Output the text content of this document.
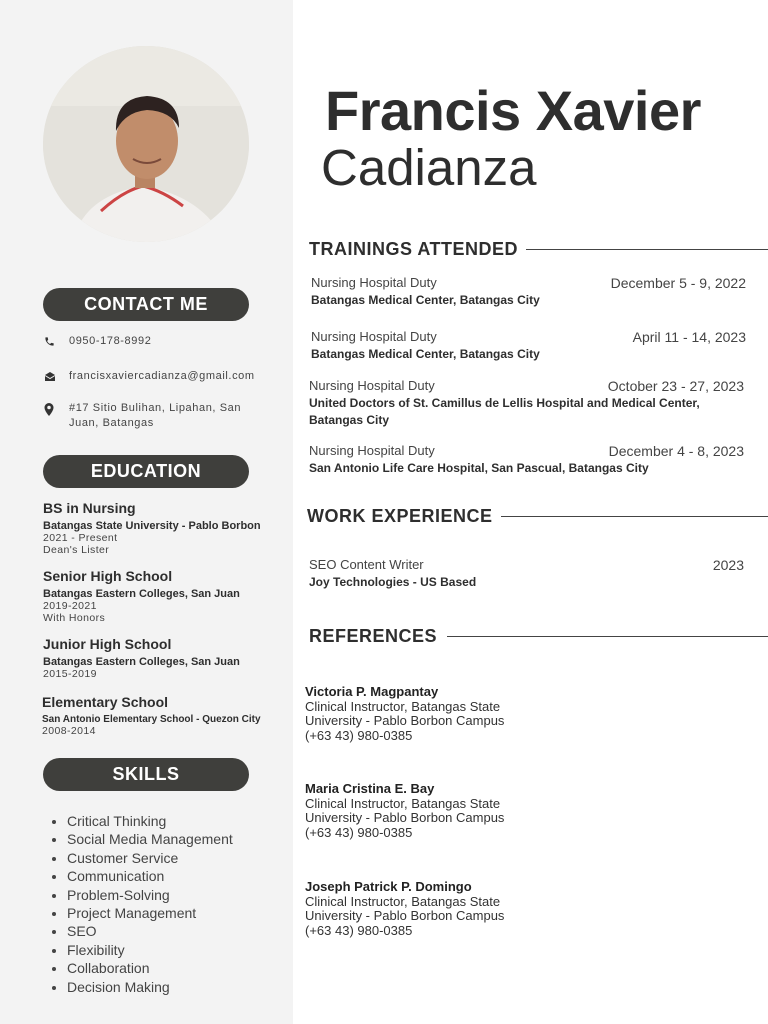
CONTACT ME
0950-178-8992
francisxaviercadianza@gmail.com
#17 Sitio Bulihan, Lipahan, San Juan, Batangas
EDUCATION
BS in Nursing
Batangas State University - Pablo Borbon
2021 - Present
Dean's Lister
Senior High School
Batangas Eastern Colleges, San Juan
2019-2021
With Honors
Junior High School
Batangas Eastern Colleges, San Juan
2015-2019
Elementary School
San Antonio Elementary School - Quezon City
2008-2014
SKILLS
• Critical Thinking
• Social Media Management
• Customer Service
• Communication
• Problem-Solving
• Project Management
• SEO
• Flexibility
• Collaboration
• Decision Making
Francis Xavier
Cadianza
TRAININGS ATTENDED
Nursing Hospital Duty	December 5 - 9, 2022
Batangas Medical Center, Batangas City
Nursing Hospital Duty	April 11 - 14, 2023
Batangas Medical Center, Batangas City
Nursing Hospital Duty	October 23 - 27, 2023
United Doctors of St. Camillus de Lellis Hospital and Medical Center, Batangas City
Nursing Hospital Duty	December 4 - 8, 2023
San Antonio Life Care Hospital, San Pascual, Batangas City
WORK EXPERIENCE
SEO Content Writer	2023
Joy Technologies - US Based
REFERENCES
Victoria P. Magpantay
Clinical Instructor, Batangas State University - Pablo Borbon Campus
(+63 43) 980-0385
Maria Cristina E. Bay
Clinical Instructor, Batangas State University - Pablo Borbon Campus
(+63 43) 980-0385
Joseph Patrick P. Domingo
Clinical Instructor, Batangas State University - Pablo Borbon Campus
(+63 43) 980-0385
